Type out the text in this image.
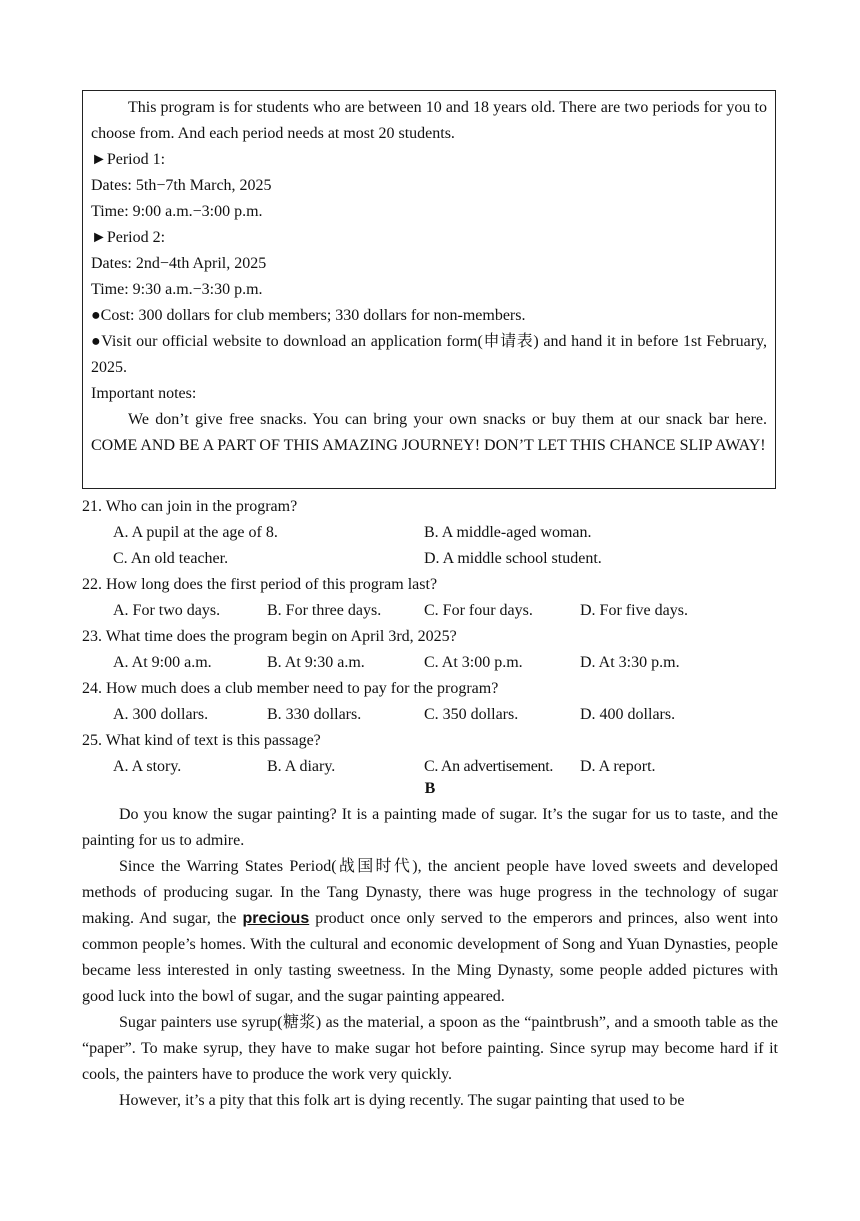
This program is for students who are between 10 and 18 years old. There are two periods for you to choose from. And each period needs at most 20 students.

►Period 1:

Dates: 5th−7th March, 2025

Time: 9:00 a.m.−3:00 p.m.

►Period 2:

Dates: 2nd−4th April, 2025

Time: 9:30 a.m.−3:30 p.m.

●Cost: 300 dollars for club members; 330 dollars for non-members.

●Visit our official website to download an application form(申请表) and hand it in before 1st February, 2025.

Important notes:

We don’t give free snacks. You can bring your own snacks or buy them at our snack bar here. COME AND BE A PART OF THIS AMAZING JOURNEY! DON’T LET THIS CHANCE SLIP AWAY!

21. Who can join in the program?

A. A pupil at the age of 8.	B. A middle-aged woman.
C. An old teacher.	D. A middle school student.

22. How long does the first period of this program last?

A. For two days.	B. For three days.	C. For four days.	D. For five days.

23. What time does the program begin on April 3rd, 2025?

A. At 9:00 a.m.	B. At 9:30 a.m.	C. At 3:00 p.m.	D. At 3:30 p.m.

24. How much does a club member need to pay for the program?

A. 300 dollars.	B. 330 dollars.	C. 350 dollars.	D. 400 dollars.

25. What kind of text is this passage?

A. A story.	B. A diary.	C. An advertisement. D. A report.
B

Do you know the sugar painting? It is a painting made of sugar. It’s the sugar for us to taste, and the painting for us to admire.

Since the Warring States Period(战国时代), the ancient people have loved sweets and developed methods of producing sugar. In the Tang Dynasty, there was huge progress in the technology of sugar making. And sugar, the precious product once only served to the emperors and princes, also went into common people’s homes. With the cultural and economic development of Song and Yuan Dynasties, people became less interested in only tasting sweetness. In the Ming Dynasty, some people added pictures with good luck into the bowl of sugar, and the sugar painting appeared.

Sugar painters use syrup(糖浆) as the material, a spoon as the “paintbrush”, and a smooth table as the “paper”. To make syrup, they have to make sugar hot before painting. Since syrup may become hard if it cools, the painters have to produce the work very quickly.

However, it’s a pity that this folk art is dying recently. The sugar painting that used to be
